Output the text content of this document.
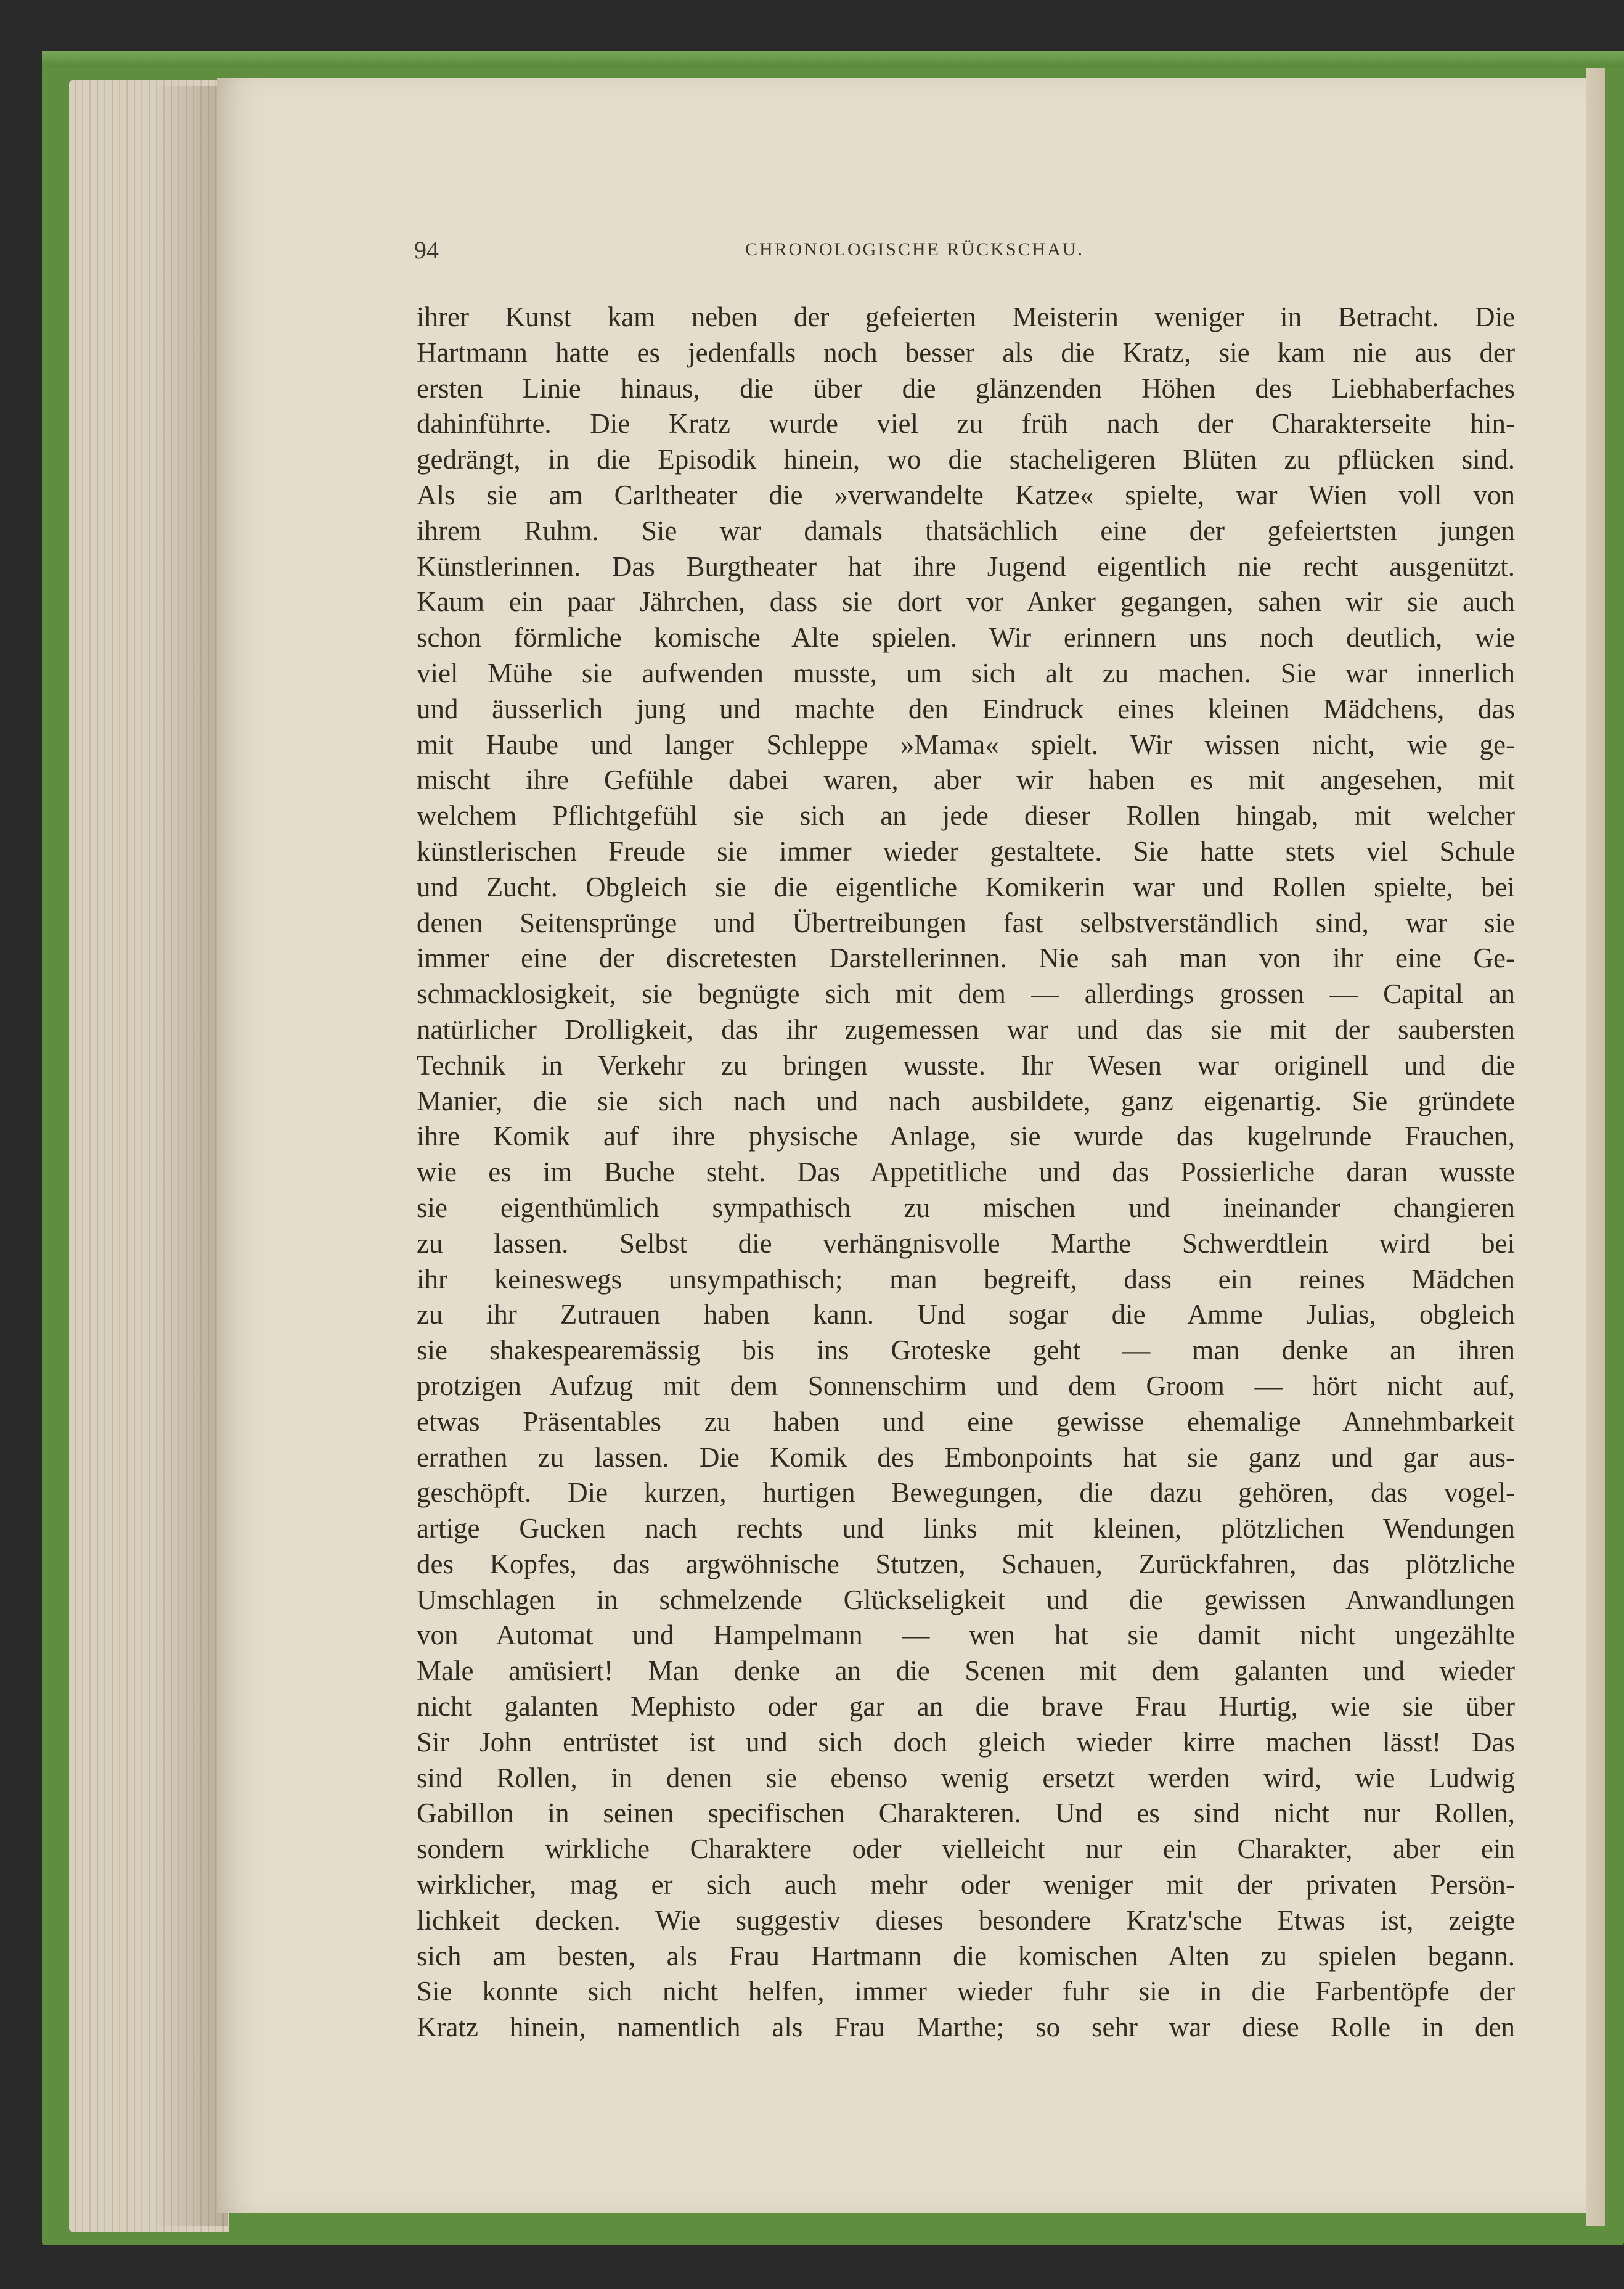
94	CHRONOLOGISCHE RÜCKSCHAU.
ihrer Kunst kam neben der gefeierten Meisterin weniger in Betracht. Die
Hartmann hatte es jedenfalls noch besser als die Kratz, sie kam nie aus der
ersten Linie hinaus, die über die glänzenden Höhen des Liebhaberfaches
dahinführte. Die Kratz wurde viel zu früh nach der Charakterseite hin-
gedrängt, in die Episodik hinein, wo die stacheligeren Blüten zu pflücken sind.
Als sie am Carltheater die »verwandelte Katze« spielte, war Wien voll von
ihrem Ruhm. Sie war damals thatsächlich eine der gefeiertsten jungen
Künstlerinnen. Das Burgtheater hat ihre Jugend eigentlich nie recht ausgenützt.
Kaum ein paar Jährchen, dass sie dort vor Anker gegangen, sahen wir sie auch
schon förmliche komische Alte spielen. Wir erinnern uns noch deutlich, wie
viel Mühe sie aufwenden musste, um sich alt zu machen. Sie war innerlich
und äusserlich jung und machte den Eindruck eines kleinen Mädchens, das
mit Haube und langer Schleppe »Mama« spielt. Wir wissen nicht, wie ge-
mischt ihre Gefühle dabei waren, aber wir haben es mit angesehen, mit
welchem Pflichtgefühl sie sich an jede dieser Rollen hingab, mit welcher
künstlerischen Freude sie immer wieder gestaltete. Sie hatte stets viel Schule
und Zucht. Obgleich sie die eigentliche Komikerin war und Rollen spielte, bei
denen Seitensprünge und Übertreibungen fast selbstverständlich sind, war sie
immer eine der discretesten Darstellerinnen. Nie sah man von ihr eine Ge-
schmacklosigkeit, sie begnügte sich mit dem — allerdings grossen — Capital an
natürlicher Drolligkeit, das ihr zugemessen war und das sie mit der saubersten
Technik in Verkehr zu bringen wusste. Ihr Wesen war originell und die
Manier, die sie sich nach und nach ausbildete, ganz eigenartig. Sie gründete
ihre Komik auf ihre physische Anlage, sie wurde das kugelrunde Frauchen,
wie es im Buche steht. Das Appetitliche und das Possierliche daran wusste
sie eigenthümlich sympathisch zu mischen und ineinander changieren
zu lassen. Selbst die verhängnisvolle Marthe Schwerdtlein wird bei
ihr keineswegs unsympathisch; man begreift, dass ein reines Mädchen
zu ihr Zutrauen haben kann. Und sogar die Amme Julias, obgleich
sie shakespearemässig bis ins Groteske geht — man denke an ihren
protzigen Aufzug mit dem Sonnenschirm und dem Groom — hört nicht auf,
etwas Präsentables zu haben und eine gewisse ehemalige Annehmbarkeit
errathen zu lassen. Die Komik des Embonpoints hat sie ganz und gar aus-
geschöpft. Die kurzen, hurtigen Bewegungen, die dazu gehören, das vogel-
artige Gucken nach rechts und links mit kleinen, plötzlichen Wendungen
des Kopfes, das argwöhnische Stutzen, Schauen, Zurückfahren, das plötzliche
Umschlagen in schmelzende Glückseligkeit und die gewissen Anwandlungen
von Automat und Hampelmann — wen hat sie damit nicht ungezählte
Male amüsiert! Man denke an die Scenen mit dem galanten und wieder
nicht galanten Mephisto oder gar an die brave Frau Hurtig, wie sie über
Sir John entrüstet ist und sich doch gleich wieder kirre machen lässt! Das
sind Rollen, in denen sie ebenso wenig ersetzt werden wird, wie Ludwig
Gabillon in seinen specifischen Charakteren. Und es sind nicht nur Rollen,
sondern wirkliche Charaktere oder vielleicht nur ein Charakter, aber ein
wirklicher, mag er sich auch mehr oder weniger mit der privaten Persön-
lichkeit decken. Wie suggestiv dieses besondere Kratz'sche Etwas ist, zeigte
sich am besten, als Frau Hartmann die komischen Alten zu spielen begann.
Sie konnte sich nicht helfen, immer wieder fuhr sie in die Farbentöpfe der
Kratz hinein, namentlich als Frau Marthe; so sehr war diese Rolle in den
